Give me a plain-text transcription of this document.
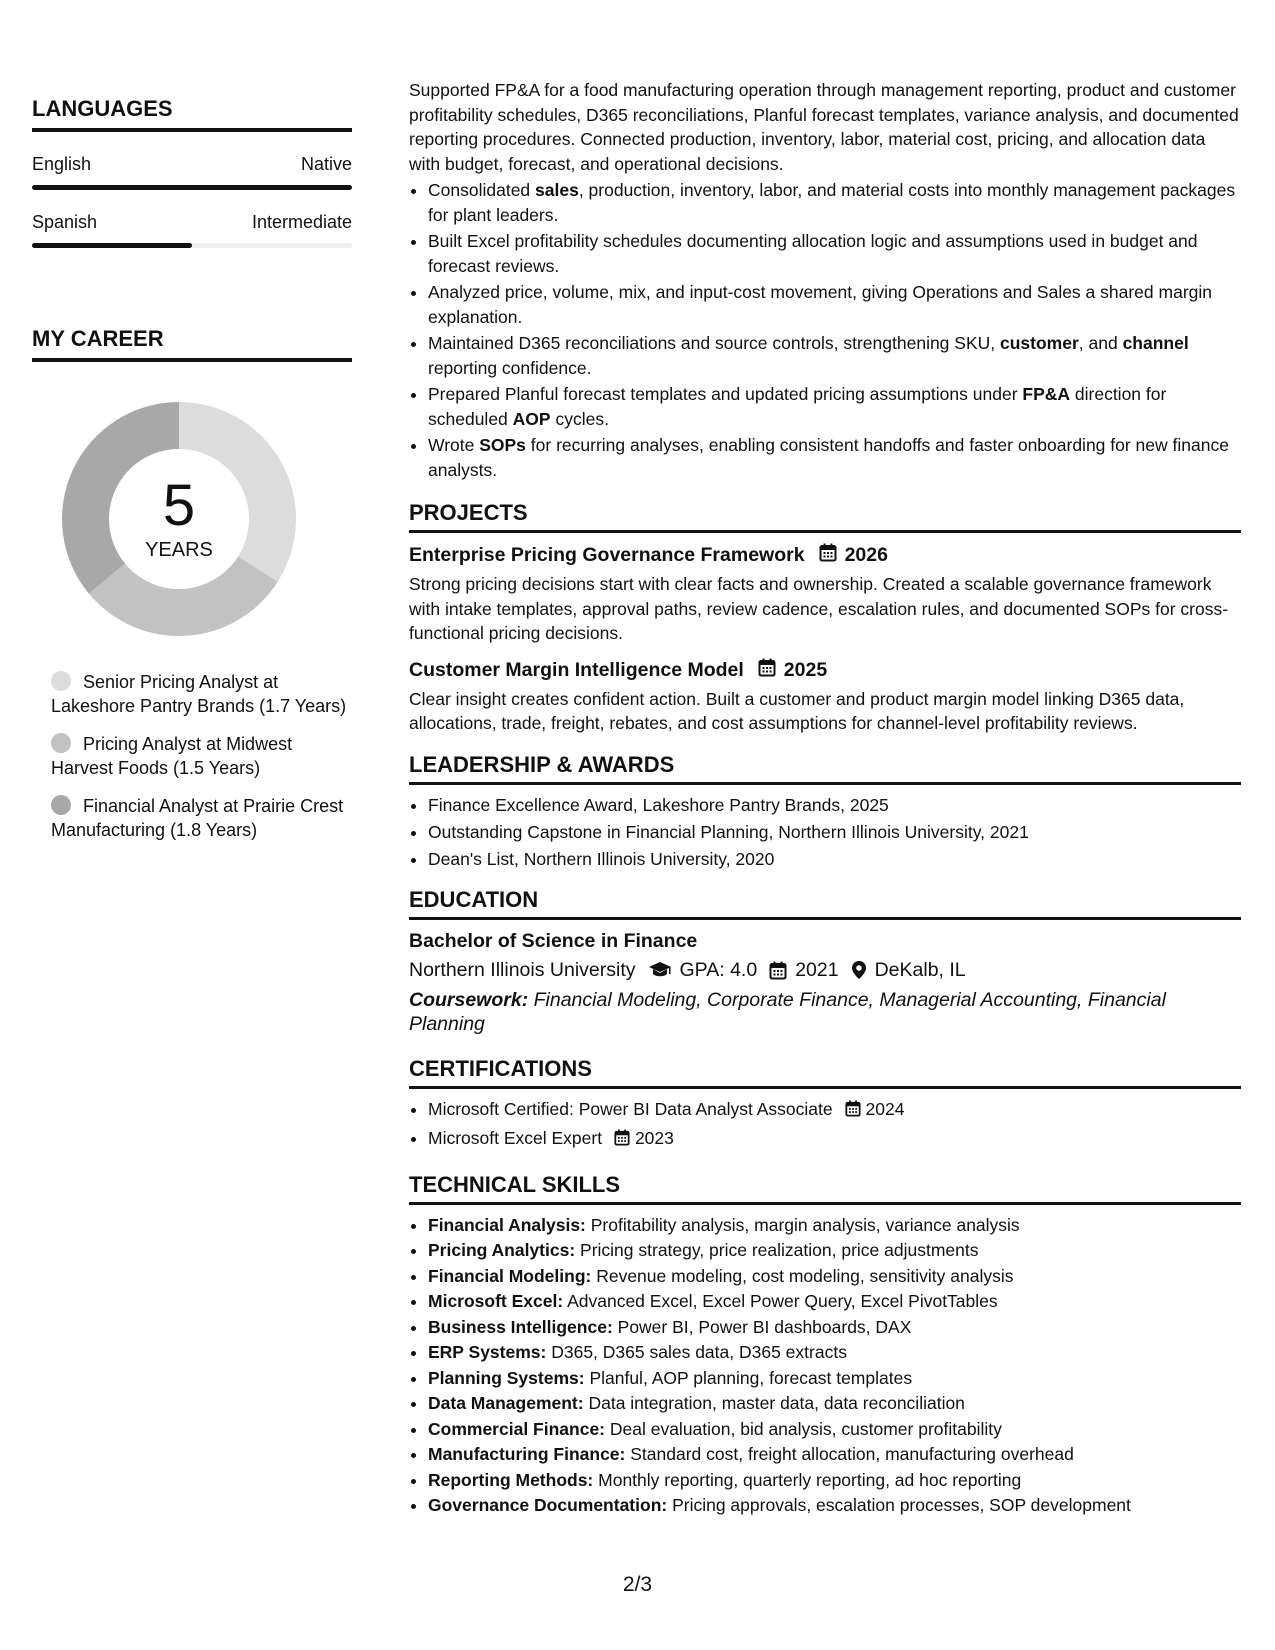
LANGUAGES
English	Native
Spanish	Intermediate
MY CAREER
5
YEARS
Senior Pricing Analyst at Lakeshore Pantry Brands (1.7 Years)
Pricing Analyst at Midwest Harvest Foods (1.5 Years)
Financial Analyst at Prairie Crest Manufacturing (1.8 Years)

Supported FP&A for a food manufacturing operation through management reporting, product and customer profitability schedules, D365 reconciliations, Planful forecast templates, variance analysis, and documented reporting procedures. Connected production, inventory, labor, material cost, pricing, and allocation data with budget, forecast, and operational decisions.

• Consolidated sales, production, inventory, labor, and material costs into monthly management packages for plant leaders.
• Built Excel profitability schedules documenting allocation logic and assumptions used in budget and forecast reviews.
• Analyzed price, volume, mix, and input-cost movement, giving Operations and Sales a shared margin explanation.
• Maintained D365 reconciliations and source controls, strengthening SKU, customer, and channel reporting confidence.
• Prepared Planful forecast templates and updated pricing assumptions under FP&A direction for scheduled AOP cycles.
• Wrote SOPs for recurring analyses, enabling consistent handoffs and faster onboarding for new finance analysts.
PROJECTS
Enterprise Pricing Governance Framework 2026
Strong pricing decisions start with clear facts and ownership. Created a scalable governance framework with intake templates, approval paths, review cadence, escalation rules, and documented SOPs for cross-functional pricing decisions.
Customer Margin Intelligence Model 2025
Clear insight creates confident action. Built a customer and product margin model linking D365 data, allocations, trade, freight, rebates, and cost assumptions for channel-level profitability reviews.
LEADERSHIP & AWARDS
• Finance Excellence Award, Lakeshore Pantry Brands, 2025
• Outstanding Capstone in Financial Planning, Northern Illinois University, 2021
• Dean's List, Northern Illinois University, 2020
EDUCATION
Bachelor of Science in Finance
Northern Illinois University GPA: 4.0 2021 DeKalb, IL
Coursework: Financial Modeling, Corporate Finance, Managerial Accounting, Financial Planning
CERTIFICATIONS
• Microsoft Certified: Power BI Data Analyst Associate 2024
• Microsoft Excel Expert 2023
TECHNICAL SKILLS
• Financial Analysis: Profitability analysis, margin analysis, variance analysis
• Pricing Analytics: Pricing strategy, price realization, price adjustments
• Financial Modeling: Revenue modeling, cost modeling, sensitivity analysis
• Microsoft Excel: Advanced Excel, Excel Power Query, Excel PivotTables
• Business Intelligence: Power BI, Power BI dashboards, DAX
• ERP Systems: D365, D365 sales data, D365 extracts
• Planning Systems: Planful, AOP planning, forecast templates
• Data Management: Data integration, master data, data reconciliation
• Commercial Finance: Deal evaluation, bid analysis, customer profitability
• Manufacturing Finance: Standard cost, freight allocation, manufacturing overhead
• Reporting Methods: Monthly reporting, quarterly reporting, ad hoc reporting
• Governance Documentation: Pricing approvals, escalation processes, SOP development
2/3
